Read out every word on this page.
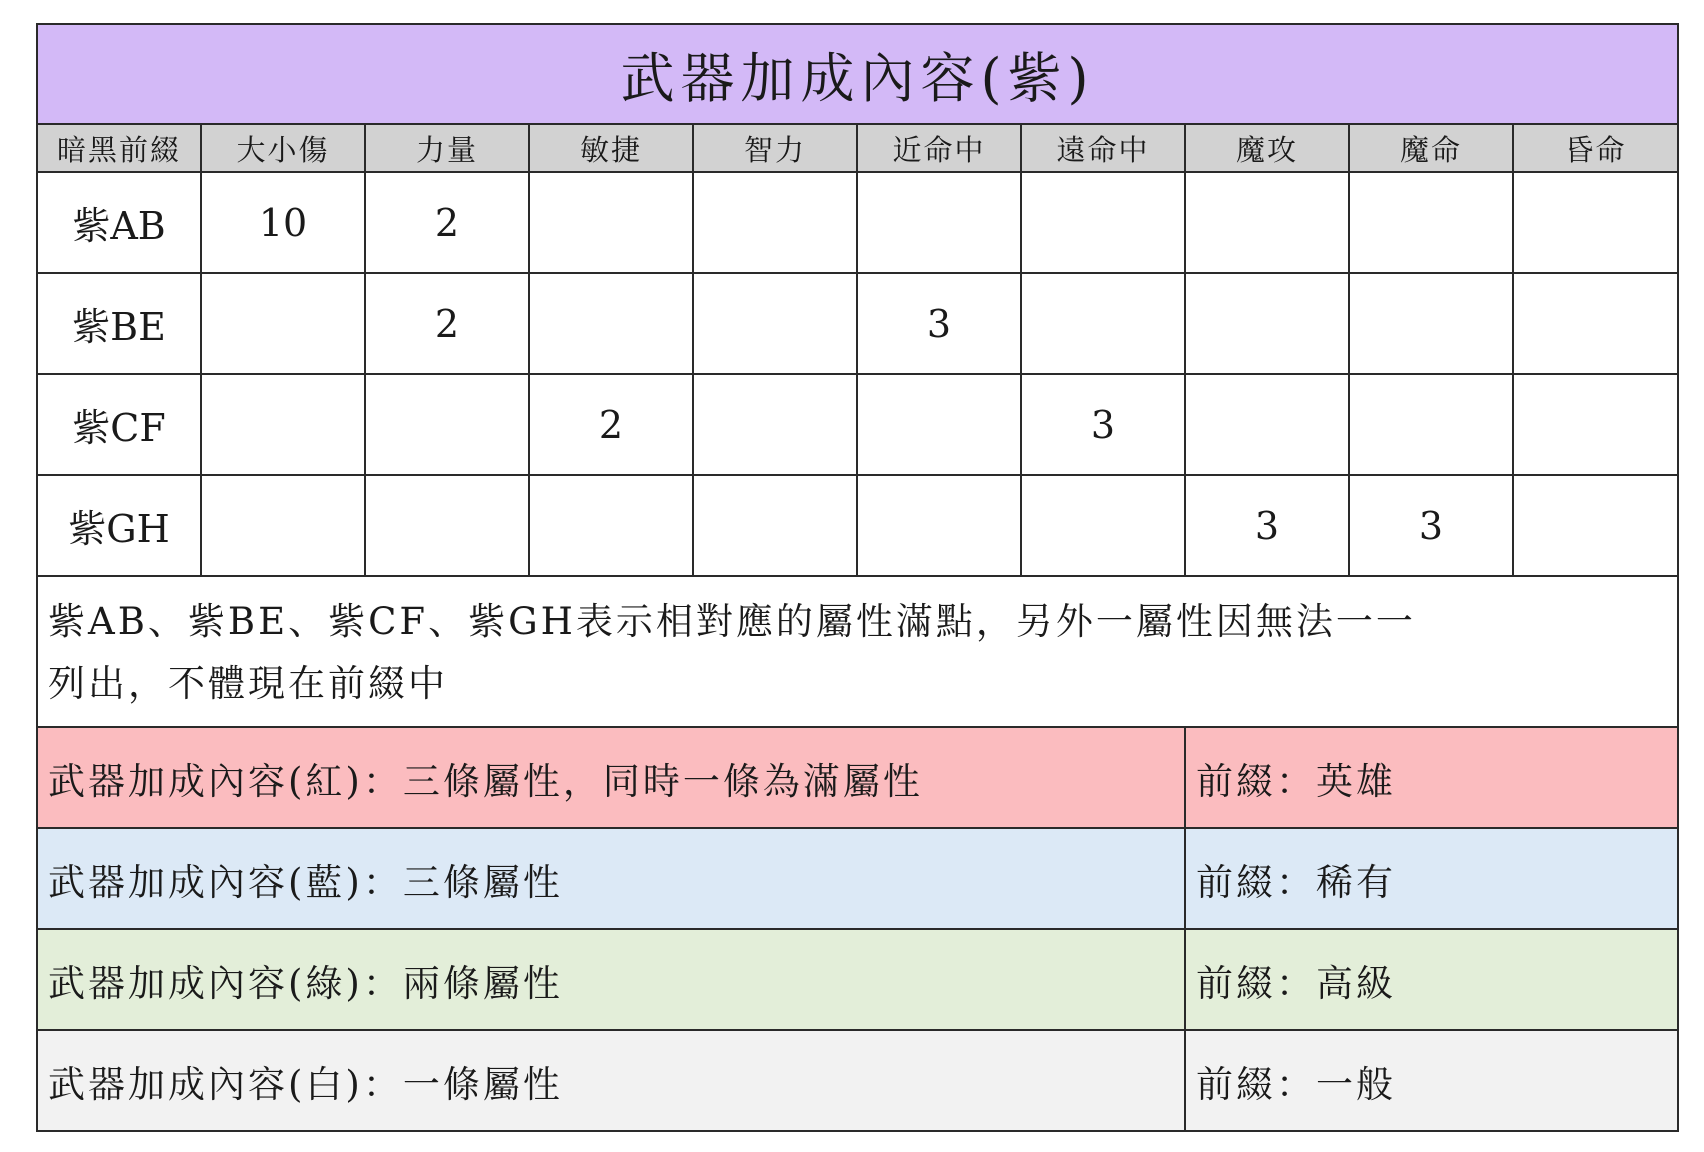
武器加成內容(紫)									
暗黑前綴	大小傷	力量	敏捷	智力	近命中	遠命中	魔攻	魔命	昏命
紫AB	10	2							
紫BE		2			3				
紫CF			2			3			
紫GH							3	3	

紫AB、紫BE、紫CF、紫GH表示相對應的屬性滿點，另外一屬性因無法一一
列出，不體現在前綴中									

武器加成內容(紅)：三條屬性，同時一條為滿屬性							前綴：英雄		
武器加成內容(藍)：三條屬性							前綴：稀有		
武器加成內容(綠)：兩條屬性							前綴：高級		
武器加成內容(白)：一條屬性							前綴：一般		
